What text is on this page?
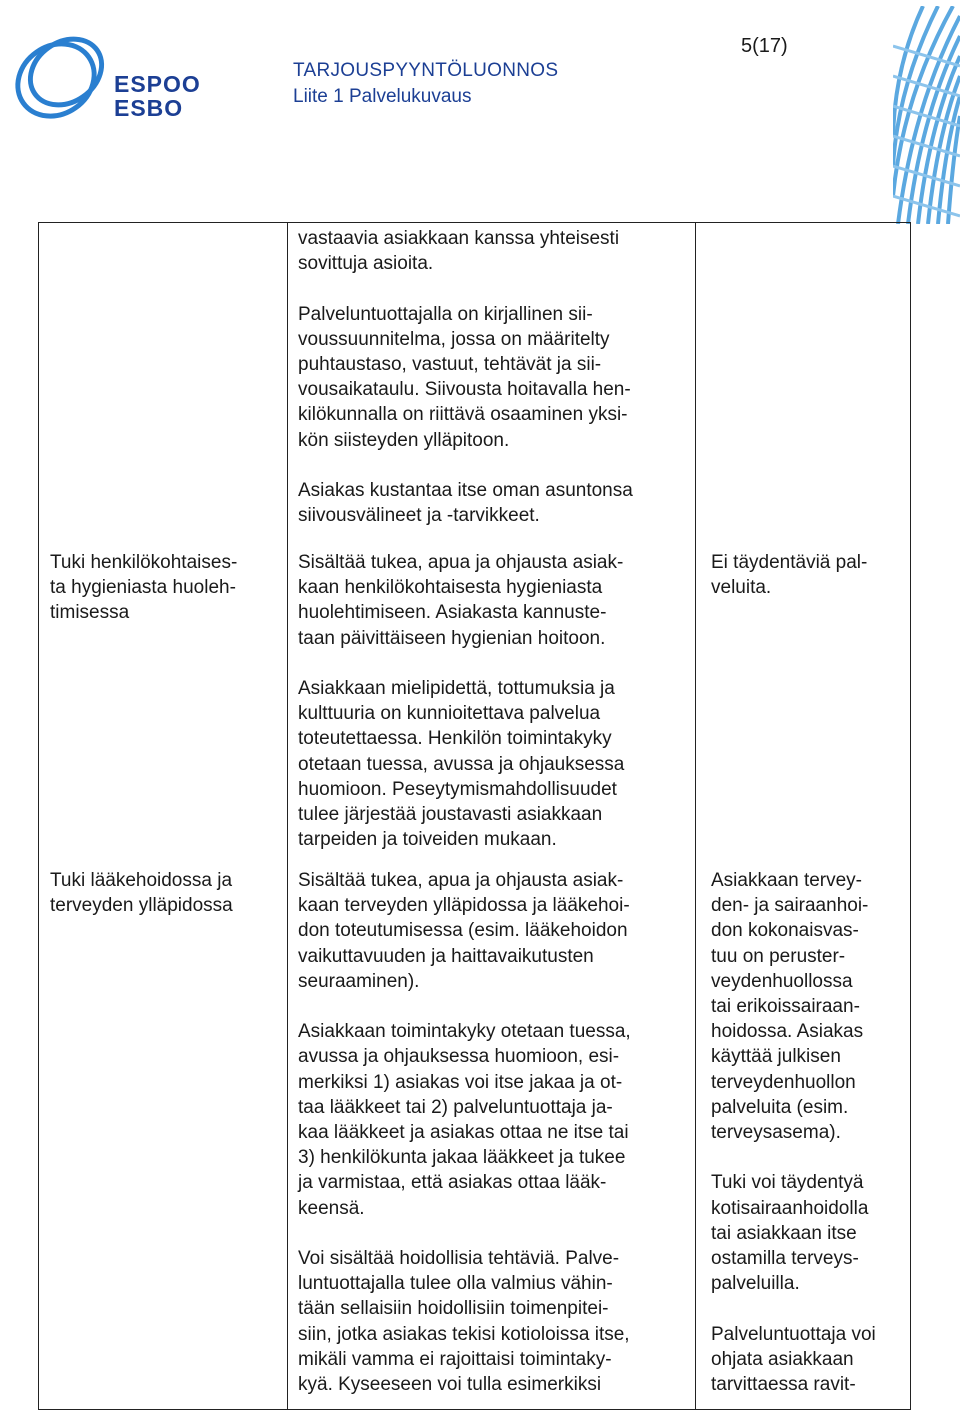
ESPOO
ESBO
TARJOUSPYYNTÖLUONNOS
Liite 1 Palvelukuvaus
5(17)
vastaavia asiakkaan kanssa yhteisesti
sovittuja asioita.

Palveluntuottajalla on kirjallinen sii-
voussuunnitelma, jossa on määritelty
puhtaustaso, vastuut, tehtävät ja sii-
vousaikataulu. Siivousta hoitavalla hen-
kilökunnalla on riittävä osaaminen yksi-
kön siisteyden ylläpitoon.

Asiakas kustantaa itse oman asuntonsa
siivousvälineet ja -tarvikkeet.
Tuki henkilökohtaises-
ta hygieniasta huoleh-
timisessa
Sisältää tukea, apua ja ohjausta asiak-
kaan henkilökohtaisesta hygieniasta
huolehtimiseen. Asiakasta kannuste-
taan päivittäiseen hygienian hoitoon.

Asiakkaan mielipidettä, tottumuksia ja
kulttuuria on kunnioitettava palvelua
toteutettaessa. Henkilön toimintakyky
otetaan tuessa, avussa ja ohjauksessa
huomioon. Peseytymismahdollisuudet
tulee järjestää joustavasti asiakkaan
tarpeiden ja toiveiden mukaan.
Ei täydentäviä pal-
veluita.
Tuki lääkehoidossa ja
terveyden ylläpidossa
Sisältää tukea, apua ja ohjausta asiak-
kaan terveyden ylläpidossa ja lääkehoi-
don toteutumisessa (esim. lääkehoidon
vaikuttavuuden ja haittavaikutusten
seuraaminen).

Asiakkaan toimintakyky otetaan tuessa,
avussa ja ohjauksessa huomioon, esi-
merkiksi 1) asiakas voi itse jakaa ja ot-
taa lääkkeet tai 2) palveluntuottaja ja-
kaa lääkkeet ja asiakas ottaa ne itse tai
3) henkilökunta jakaa lääkkeet ja tukee
ja varmistaa, että asiakas ottaa lääk-
keensä.

Voi sisältää hoidollisia tehtäviä. Palve-
luntuottajalla tulee olla valmius vähin-
tään sellaisiin hoidollisiin toimenpitei-
siin, jotka asiakas tekisi kotioloissa itse,
mikäli vamma ei rajoittaisi toimintaky-
kyä. Kyseeseen voi tulla esimerkiksi
Asiakkaan tervey-
den- ja sairaanhoi-
don kokonaisvas-
tuu on peruster-
veydenhuollossa
tai erikoissairaan-
hoidossa. Asiakas
käyttää julkisen
terveydenhuollon
palveluita (esim.
terveysasema).

Tuki voi täydentyä
kotisairaanhoidolla
tai asiakkaan itse
ostamilla terveys-
palveluilla.

Palveluntuottaja voi
ohjata asiakkaan
tarvittaessa ravit-
